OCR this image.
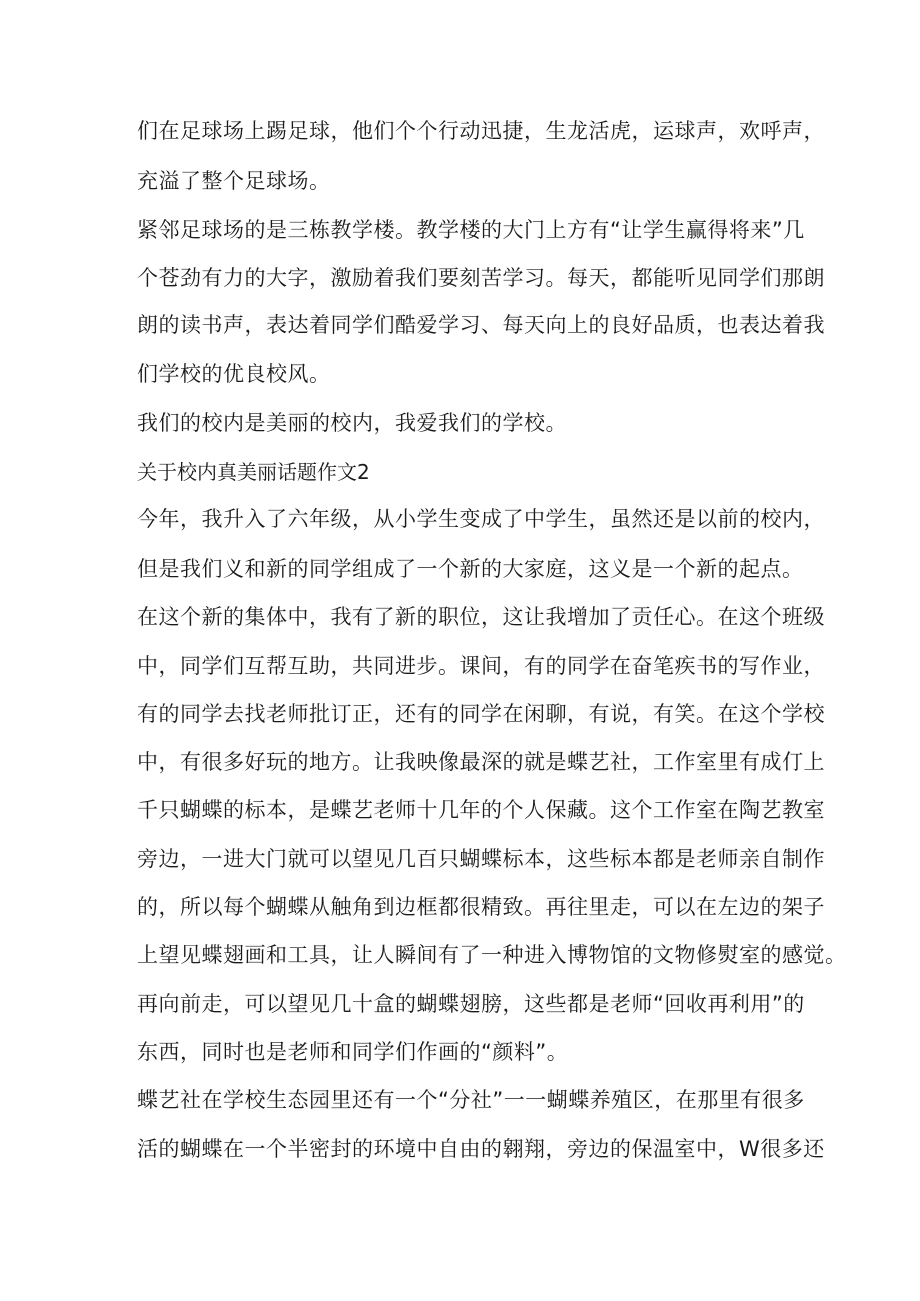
们在足球场上踢足球，他们个个行动迅捷，生龙活虎，运球声，欢呼声，
充溢了整个足球场。
紧邻足球场的是三栋教学楼。教学楼的大门上方有“让学生赢得将来”几
个苍劲有力的大字，激励着我们要刻苦学习。每天，都能听见同学们那朗
朗的读书声，表达着同学们酷爱学习、每天向上的良好品质，也表达着我
们学校的优良校风。
我们的校内是美丽的校内，我爱我们的学校。
关于校内真美丽话题作文2
今年，我升入了六年级，从小学生变成了中学生，虽然还是以前的校内，
但是我们义和新的同学组成了一个新的大家庭，这义是一个新的起点。
在这个新的集体中，我有了新的职位，这让我增加了贡任心。在这个班级
中，同学们互帮互助，共同进步。课间，有的同学在奋笔疾书的写作业，
有的同学去找老师批订正，还有的同学在闲聊，有说，有笑。在这个学校
中，有很多好玩的地方。让我映像最深的就是蝶艺社，工作室里有成仃上
千只蝴蝶的标本，是蝶艺老师十几年的个人保藏。这个工作室在陶艺教室
旁边，一进大门就可以望见几百只蝴蝶标本，这些标本都是老师亲自制作
的，所以每个蝴蝶从触角到边框都很精致。再往里走，可以在左边的架子
上望见蝶翅画和工具，让人瞬间有了一种进入博物馆的文物修熨室的感觉。
再向前走，可以望见几十盒的蝴蝶翅膀，这些都是老师“回收再利用”的
东西，同时也是老师和同学们作画的“颜料”。
蝶艺社在学校生态园里还有一个“分社”一一蝴蝶养殖区，在那里有很多
活的蝴蝶在一个半密封的环境中自由的翱翔，旁边的保温室中，W很多还
